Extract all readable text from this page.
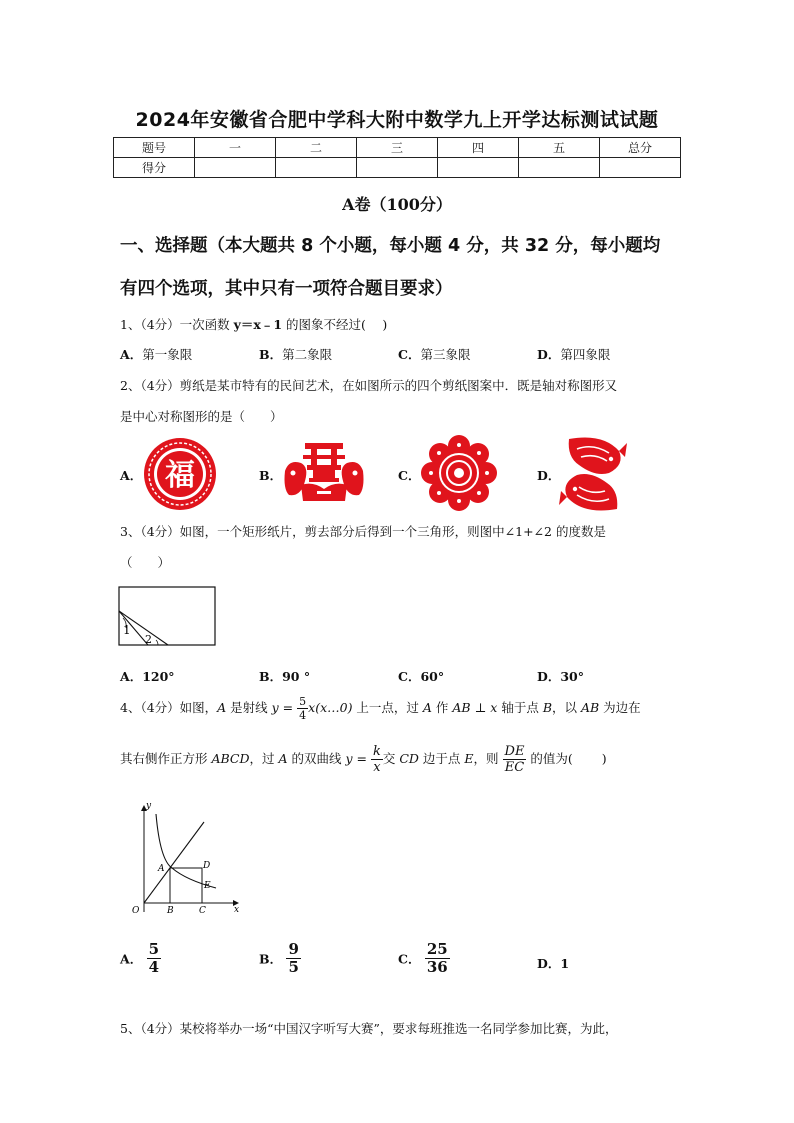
2024年安徽省合肥中学科大附中数学九上开学达标测试试题
题号	一	二	三	四	五	总分
得分						
A卷（100分）
一、选择题（本大题共 8 个小题，每小题 4 分，共 32 分，每小题均
有四个选项，其中只有一项符合题目要求）
1、（4分）一次函数 y＝x﹣1 的图象不经过(　 )
A．第一象限	B．第二象限	C．第三象限	D．第四象限
2、（4分）剪纸是某市特有的民间艺术，在如图所示的四个剪纸图案中．既是轴对称图形又
是中心对称图形的是（　　）
A．	B．	C．	D．
福
3、（4分）如图，一个矩形纸片，剪去部分后得到一个三角形，则图中∠1+∠2 的度数是
（　　）
1
2
A．120°	B．90 °	C．60°	D．30°
4、（4分）如图，A 是射线 $y = \frac{5}{4}$ x(x…0) 上一点，过 A 作 AB ⊥ x 轴于点 B，以 AB 为边在
其右侧作正方形 ABCD，过 A 的双曲线 $y = \frac{k}{x}$ 交 CD 边于点 E，则 $\frac{DE}{EC}$ 的值为(　　 )
y
x
O
A
B	C
D
E
A． $\frac{5}{4}$	B． $\frac{9}{5}$	C． $\frac{25}{36}$	D．1
5、（4分）某校将举办一场“中国汉字听写大赛”，要求每班推选一名同学参加比赛，为此，
